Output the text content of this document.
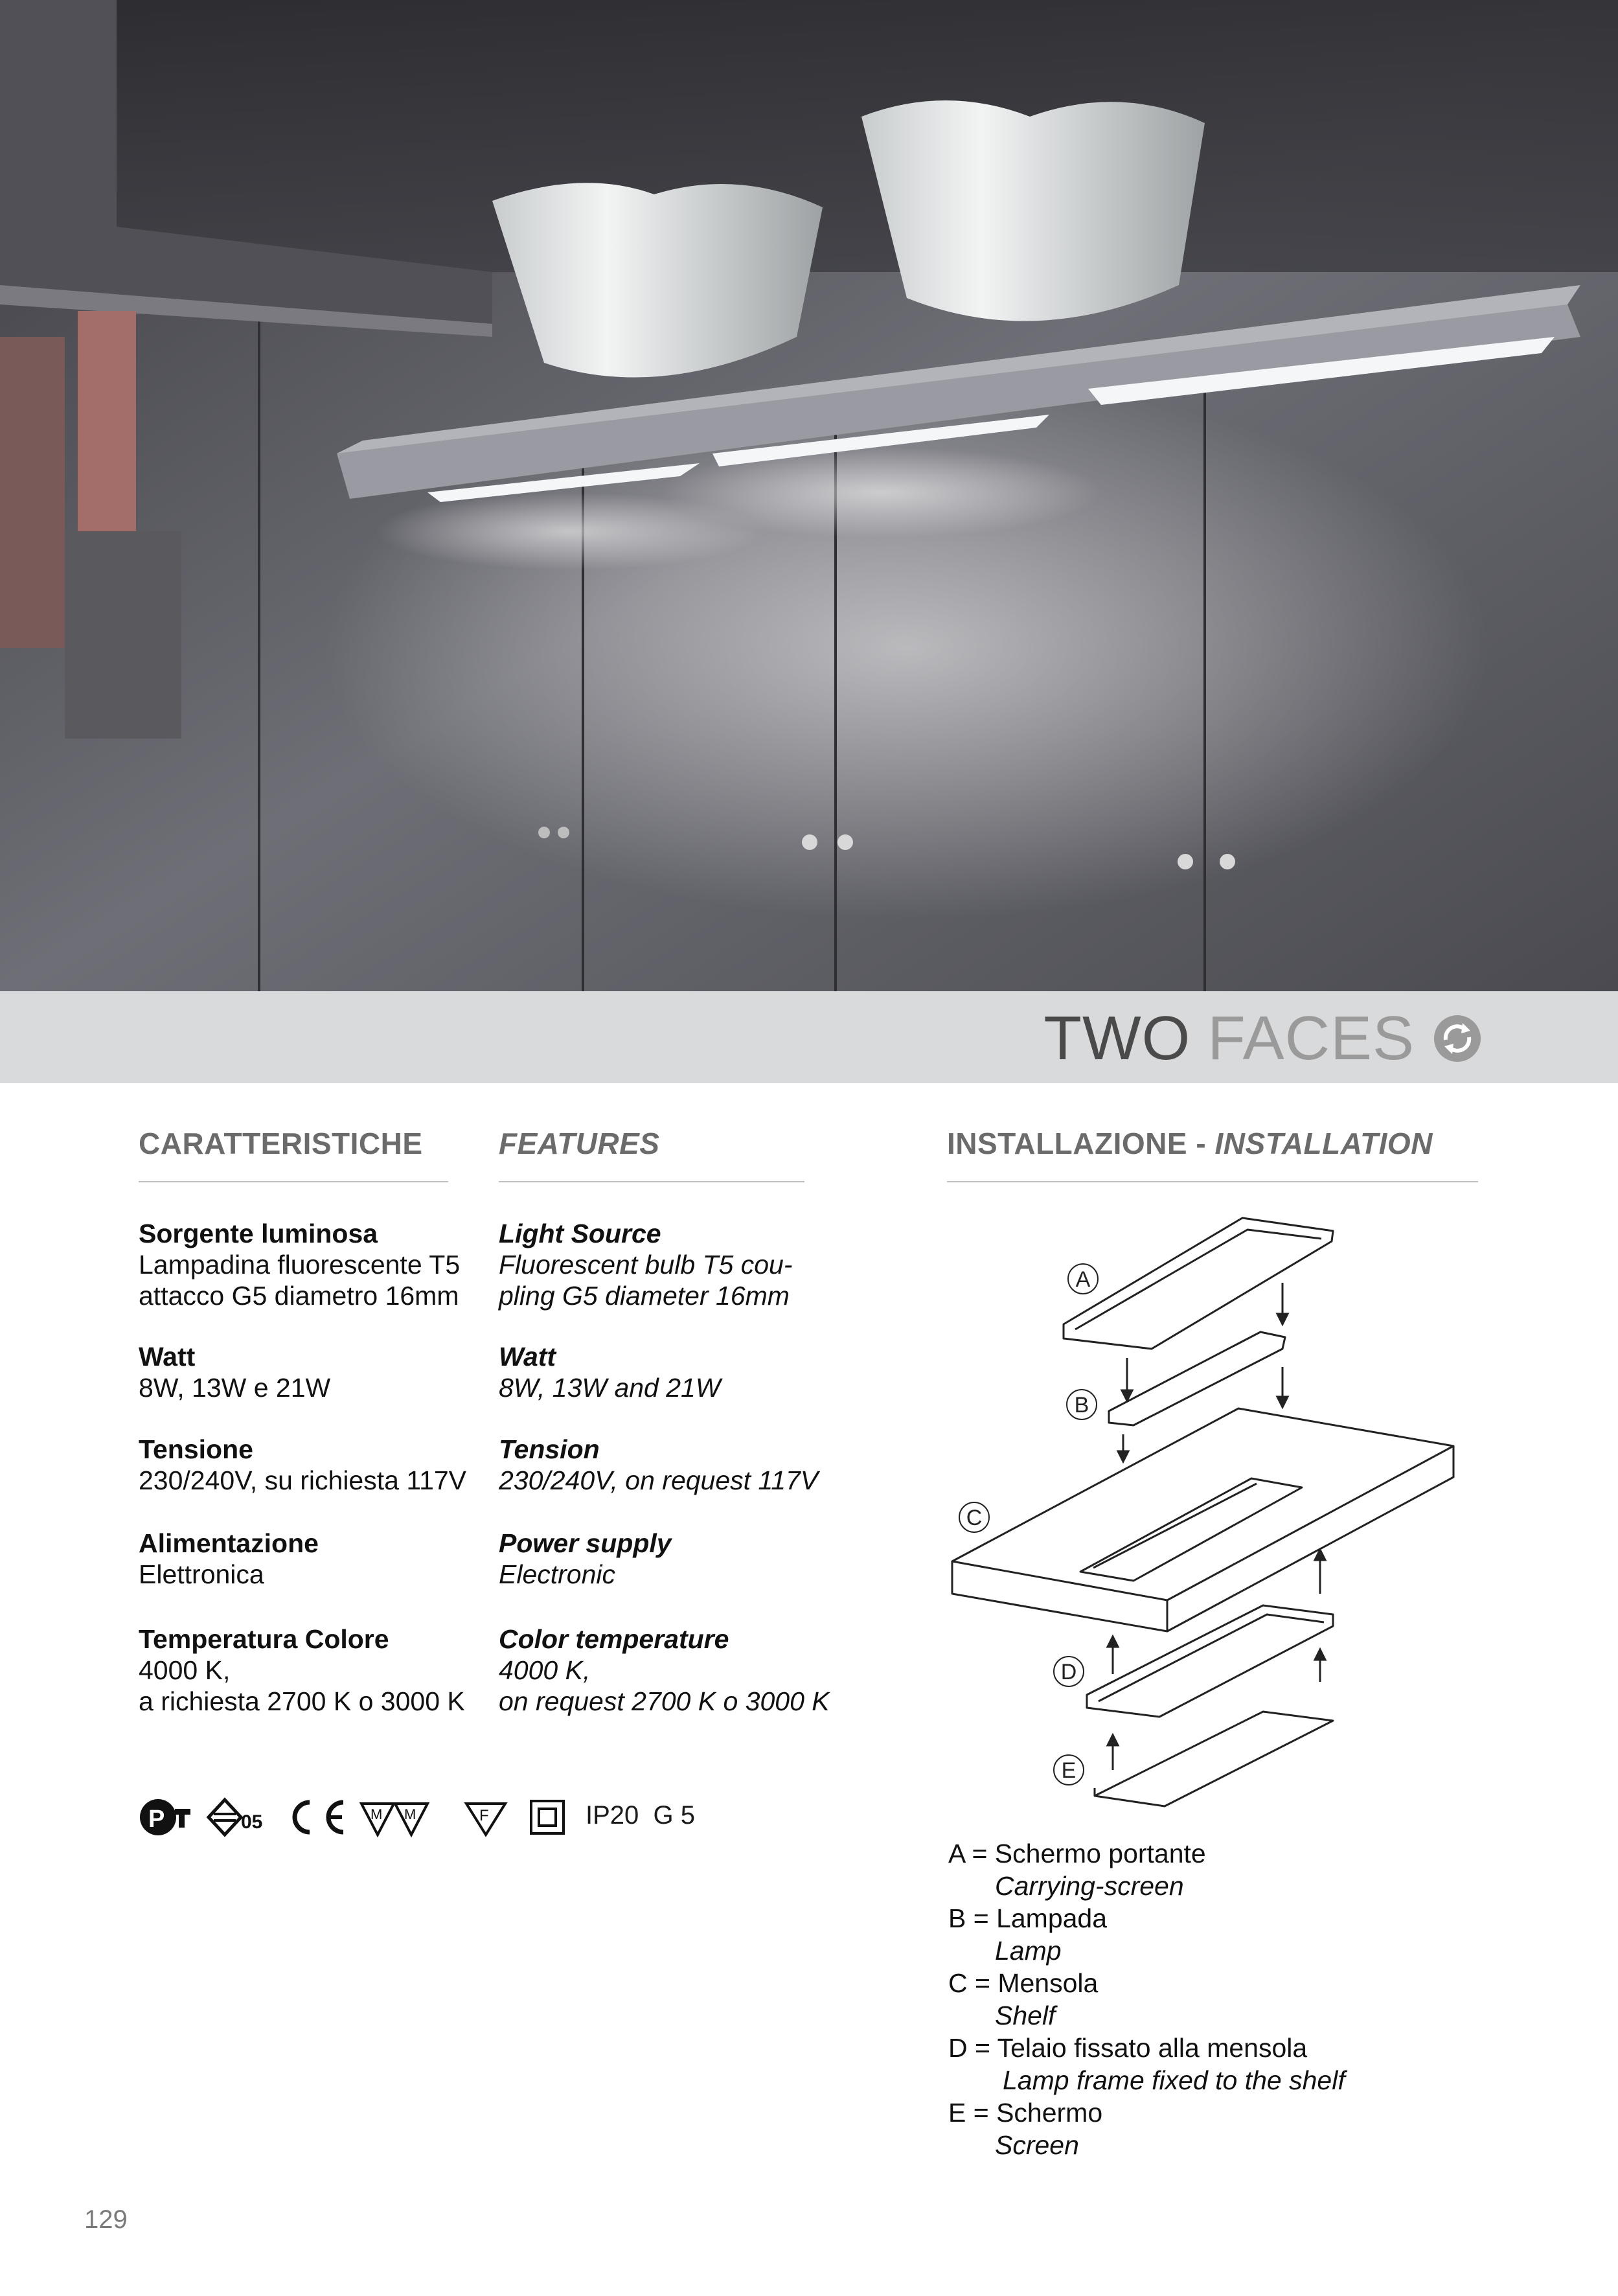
TWO FACES
CARATTERISTICHE	FEATURES	INSTALLAZIONE - INSTALLATION
Sorgente luminosa
Lampadina fluorescente T5
attacco G5 diametro 16mm
Watt
8W, 13W e 21W
Tensione
230/240V, su richiesta 117V
Alimentazione
Elettronica
Temperatura Colore
4000 K,
a richiesta 2700 K o 3000 K
Light Source
Fluorescent bulb T5 cou-
pling G5 diameter 16mm
Watt
8W, 13W and 21W
Tension
230/240V, on request 117V
Power supply
Electronic
Color temperature
4000 K,
on request 2700 K o 3000 K
P	05	M M	F	IP20 G 5
A
B
C
D
E
A = Schermo portante
Carrying-screen
B = Lampada
Lamp
C = Mensola
Shelf
D = Telaio fissato alla mensola
Lamp frame fixed to the shelf
E = Schermo
Screen
129
